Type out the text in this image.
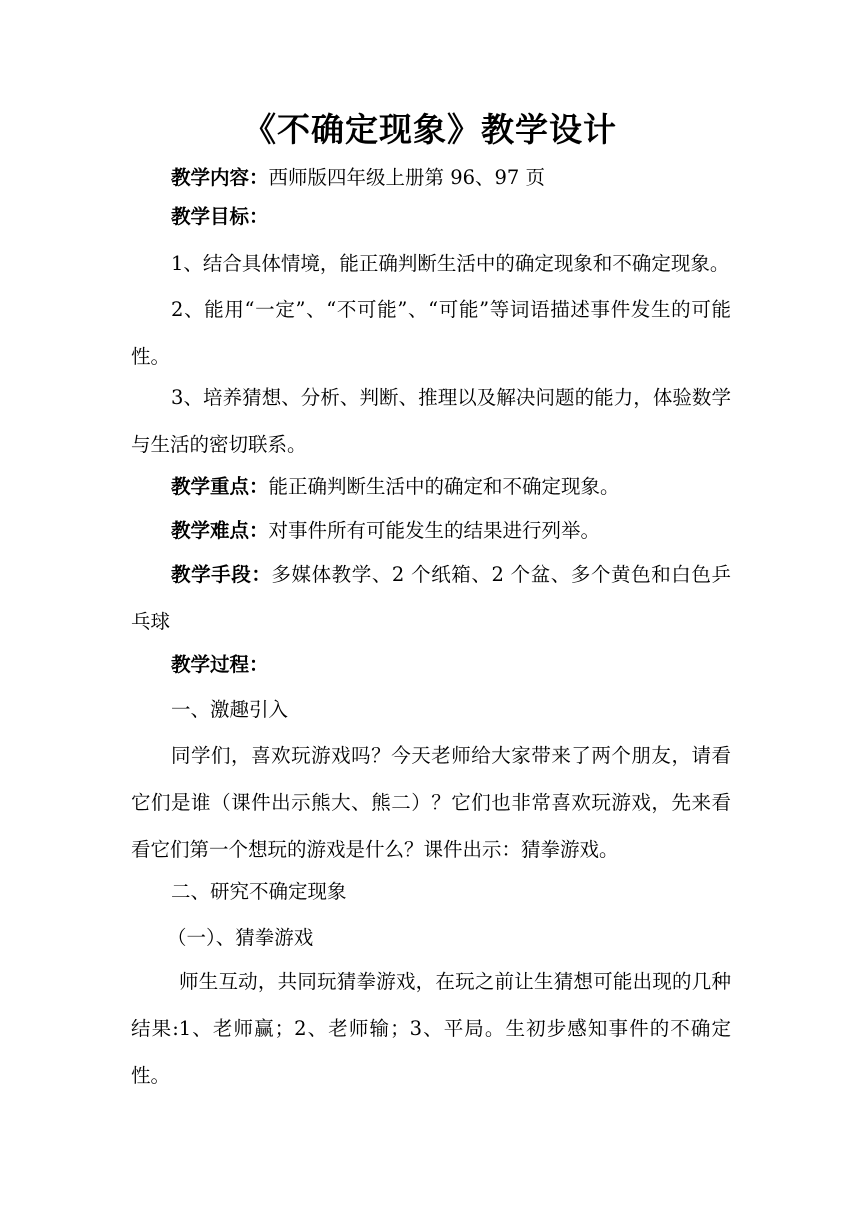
《不确定现象》教学设计
教学内容：西师版四年级上册第 96、97 页
教学目标：
1、结合具体情境，能正确判断生活中的确定现象和不确定现象。
2、能用“一定”、“不可能”、“可能”等词语描述事件发生的可能性。
3、培养猜想、分析、判断、推理以及解决问题的能力，体验数学与生活的密切联系。
教学重点：能正确判断生活中的确定和不确定现象。
教学难点：对事件所有可能发生的结果进行列举。
教学手段：多媒体教学、2 个纸箱、2 个盆、多个黄色和白色乒乓球
教学过程：
一、激趣引入
同学们，喜欢玩游戏吗？今天老师给大家带来了两个朋友，请看它们是谁（课件出示熊大、熊二）？它们也非常喜欢玩游戏，先来看看它们第一个想玩的游戏是什么？课件出示：猜拳游戏。
二、研究不确定现象
（一）、猜拳游戏
师生互动，共同玩猜拳游戏，在玩之前让生猜想可能出现的几种结果:1、老师赢；2、老师输；3、平局。生初步感知事件的不确定性。
